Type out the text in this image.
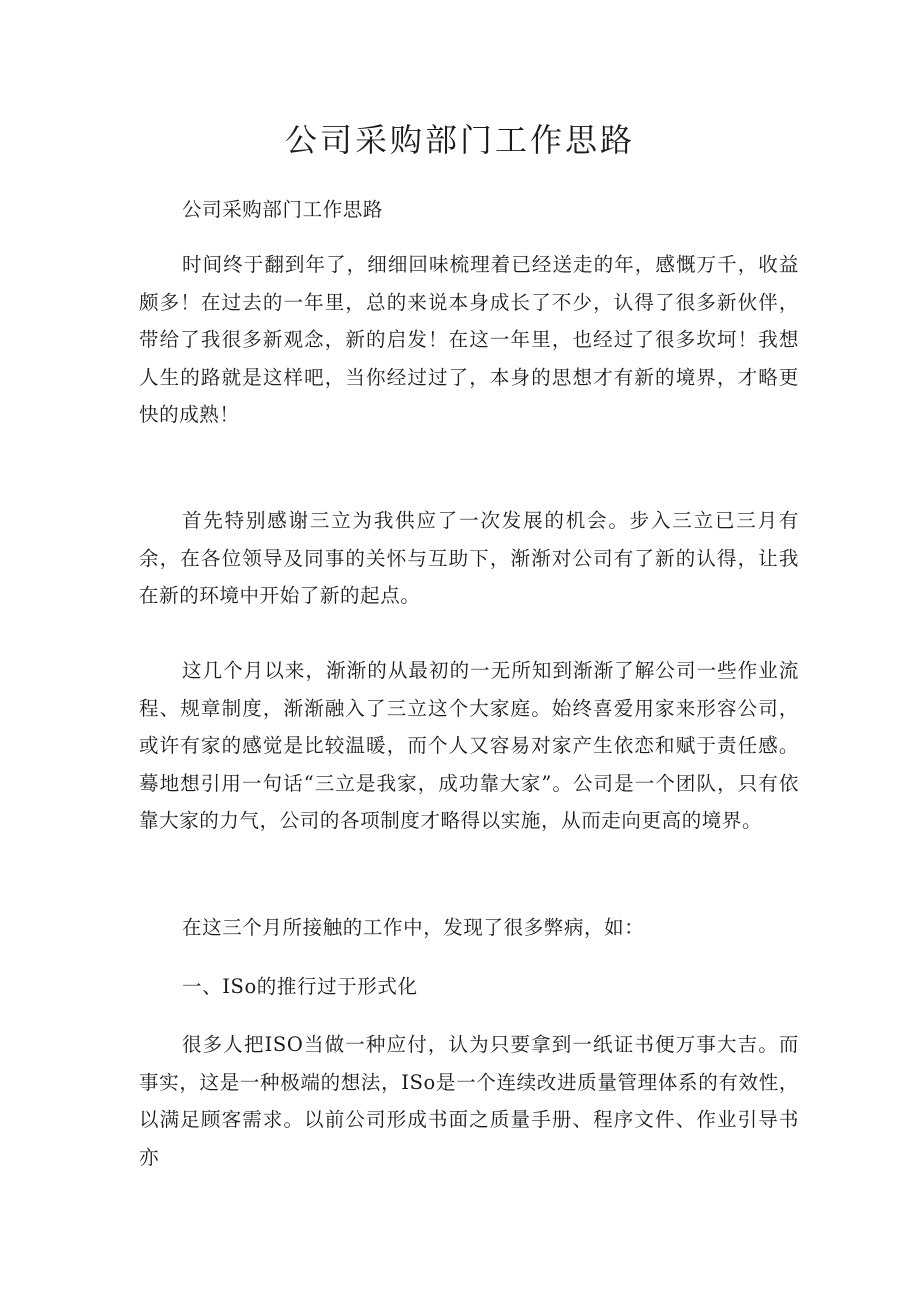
公司采购部门工作思路

公司采购部门工作思路

时间终于翻到年了，细细回味梳理着已经送走的年，感慨万千，收益颇多！在过去的一年里，总的来说本身成长了不少，认得了很多新伙伴，带给了我很多新观念，新的启发！在这一年里，也经过了很多坎坷！我想人生的路就是这样吧，当你经过过了，本身的思想才有新的境界，才略更快的成熟！

首先特别感谢三立为我供应了一次发展的机会。步入三立已三月有余，在各位领导及同事的关怀与互助下，渐渐对公司有了新的认得，让我在新的环境中开始了新的起点。

这几个月以来，渐渐的从最初的一无所知到渐渐了解公司一些作业流程、规章制度，渐渐融入了三立这个大家庭。始终喜爱用家来形容公司，或许有家的感觉是比较温暖，而个人又容易对家产生依恋和赋于责任感。蓦地想引用一句话“三立是我家，成功靠大家”。公司是一个团队，只有依靠大家的力气，公司的各项制度才略得以实施，从而走向更高的境界。

在这三个月所接触的工作中，发现了很多弊病，如：

一、ISo的推行过于形式化

很多人把ISO当做一种应付，认为只要拿到一纸证书便万事大吉。而事实，这是一种极端的想法，ISo是一个连续改进质量管理体系的有效性，以满足顾客需求。以前公司形成书面之质量手册、程序文件、作业引导书亦
